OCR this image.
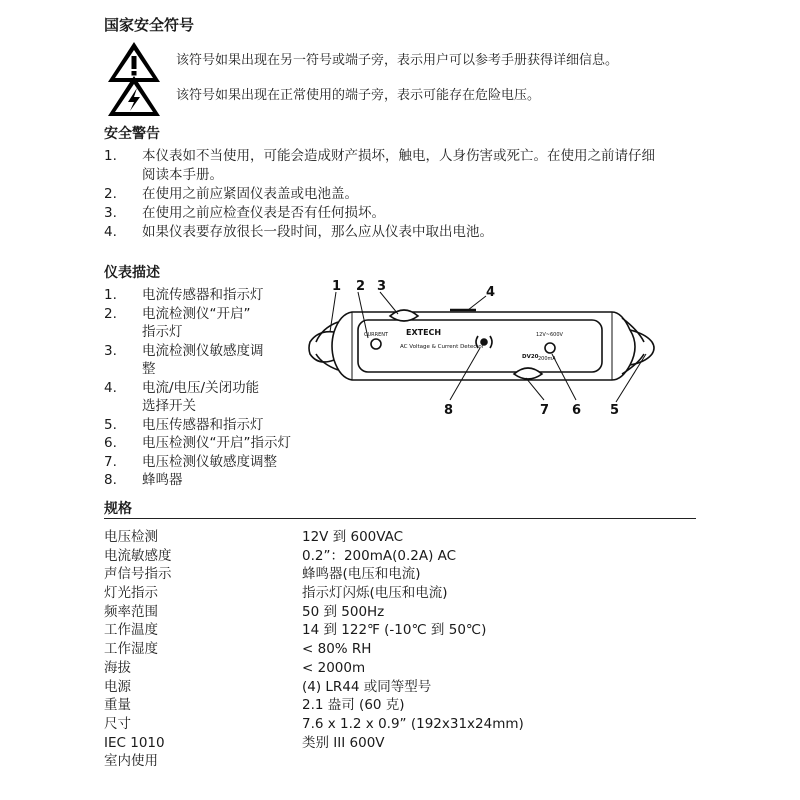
国家安全符号
该符号如果出现在另一符号或端子旁，表示用户可以参考手册获得详细信息。
该符号如果出现在正常使用的端子旁，表示可能存在危险电压。
安全警告
1. 本仪表如不当使用，可能会造成财产损坏，触电，人身伤害或死亡。在使用之前请仔细
阅读本手册。
2. 在使用之前应紧固仪表盖或电池盖。
3. 在使用之前应检查仪表是否有任何损坏。
4. 如果仪表要存放很长一段时间，那么应从仪表中取出电池。
仪表描述
1. 电流传感器和指示灯
2. 电流检测仪“开启”
指示灯
3. 电流检测仪敏感度调
整
4. 电流/电压/关闭功能
选择开关
5. 电压传感器和指示灯
6. 电压检测仪“开启”指示灯
7. 电压检测仪敏感度调整
8. 蜂鸣器
EXTECH
AC Voltage & Current Detector
DV20
CURRENT	12V~600V
200mA
1 2 3	4
8	7 6 5
规格
电压检测	12V 到 600VAC
电流敏感度	0.2”：200mA(0.2A) AC
声信号指示	蜂鸣器(电压和电流)
灯光指示	指示灯闪烁(电压和电流)
频率范围	50 到 500Hz
工作温度	14 到 122℉ (-10℃ 到 50℃)
工作湿度	< 80% RH
海拔	< 2000m
电源	(4) LR44 或同等型号
重量	2.1 盎司 (60 克)
尺寸	7.6 x 1.2 x 0.9” (192x31x24mm)
IEC 1010	类别 III 600V
室内使用
